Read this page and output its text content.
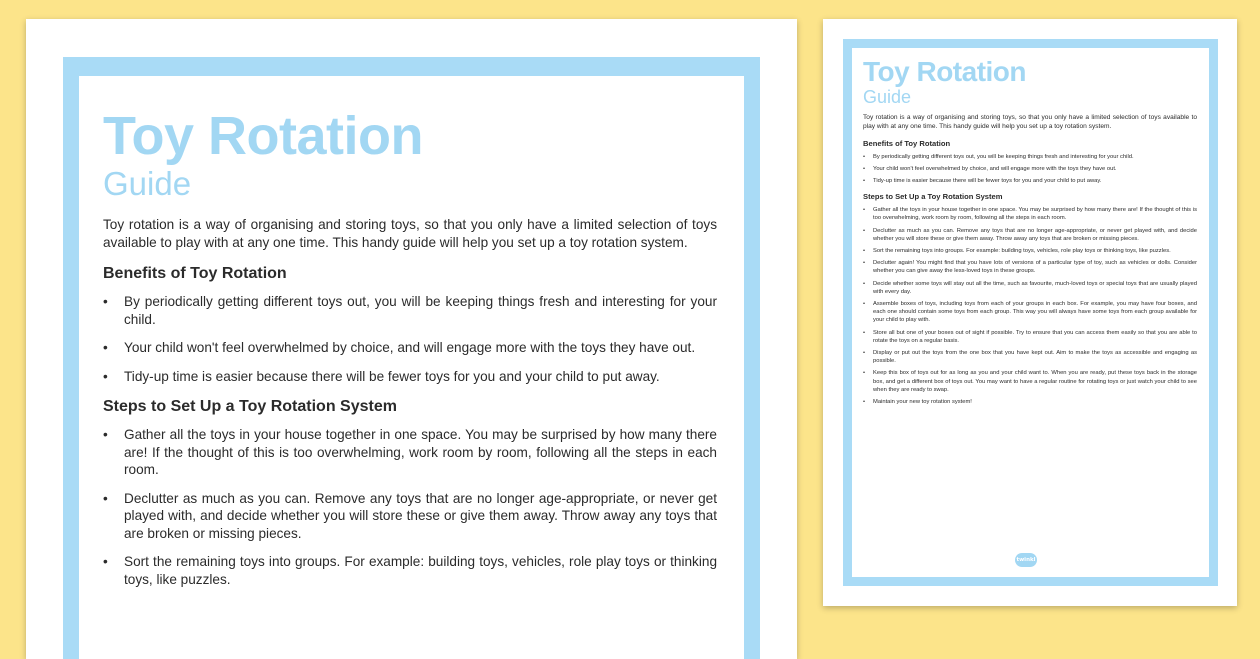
Toy Rotation
Guide

Toy rotation is a way of organising and storing toys, so that you only have a limited selection of toys available to play with at any one time. This handy guide will help you set up a toy rotation system.

Benefits of Toy Rotation
• By periodically getting different toys out, you will be keeping things fresh and interesting for your child.
• Your child won't feel overwhelmed by choice, and will engage more with the toys they have out.
• Tidy-up time is easier because there will be fewer toys for you and your child to put away.
Steps to Set Up a Toy Rotation System
• Gather all the toys in your house together in one space. You may be surprised by how many there are! If the thought of this is too overwhelming, work room by room, following all the steps in each room.
• Declutter as much as you can. Remove any toys that are no longer age-appropriate, or never get played with, and decide whether you will store these or give them away. Throw away any toys that are broken or missing pieces.
• Sort the remaining toys into groups. For example: building toys, vehicles, role play toys or thinking toys, like puzzles.
Toy Rotation
Guide

Toy rotation is a way of organising and storing toys, so that you only have a limited selection of toys available to play with at any one time. This handy guide will help you set up a toy rotation system.

Benefits of Toy Rotation
• By periodically getting different toys out, you will be keeping things fresh and interesting for your child.
• Your child won't feel overwhelmed by choice, and will engage more with the toys they have out.
• Tidy-up time is easier because there will be fewer toys for you and your child to put away.
Steps to Set Up a Toy Rotation System
• Gather all the toys in your house together in one space. You may be surprised by how many there are! If the thought of this is too overwhelming, work room by room, following all the steps in each room.
• Declutter as much as you can. Remove any toys that are no longer age-appropriate, or never get played with, and decide whether you will store these or give them away. Throw away any toys that are broken or missing pieces.
• Sort the remaining toys into groups. For example: building toys, vehicles, role play toys or thinking toys, like puzzles.
• Declutter again! You might find that you have lots of versions of a particular type of toy, such as vehicles or dolls. Consider whether you can give away the less-loved toys in these groups.
• Decide whether some toys will stay out all the time, such as favourite, much-loved toys or special toys that are usually played with every day.
• Assemble boxes of toys, including toys from each of your groups in each box. For example, you may have four boxes, and each one should contain some toys from each group. This way you will always have some toys from each group available for your child to play with.
• Store all but one of your boxes out of sight if possible. Try to ensure that you can access them easily so that you are able to rotate the toys on a regular basis.
• Display or put out the toys from the one box that you have kept out. Aim to make the toys as accessible and engaging as possible.
• Keep this box of toys out for as long as you and your child want to. When you are ready, put these toys back in the storage box, and get a different box of toys out. You may want to have a regular routine for rotating toys or just watch your child to see when they are ready to swap.
• Maintain your new toy rotation system!
twinkl
